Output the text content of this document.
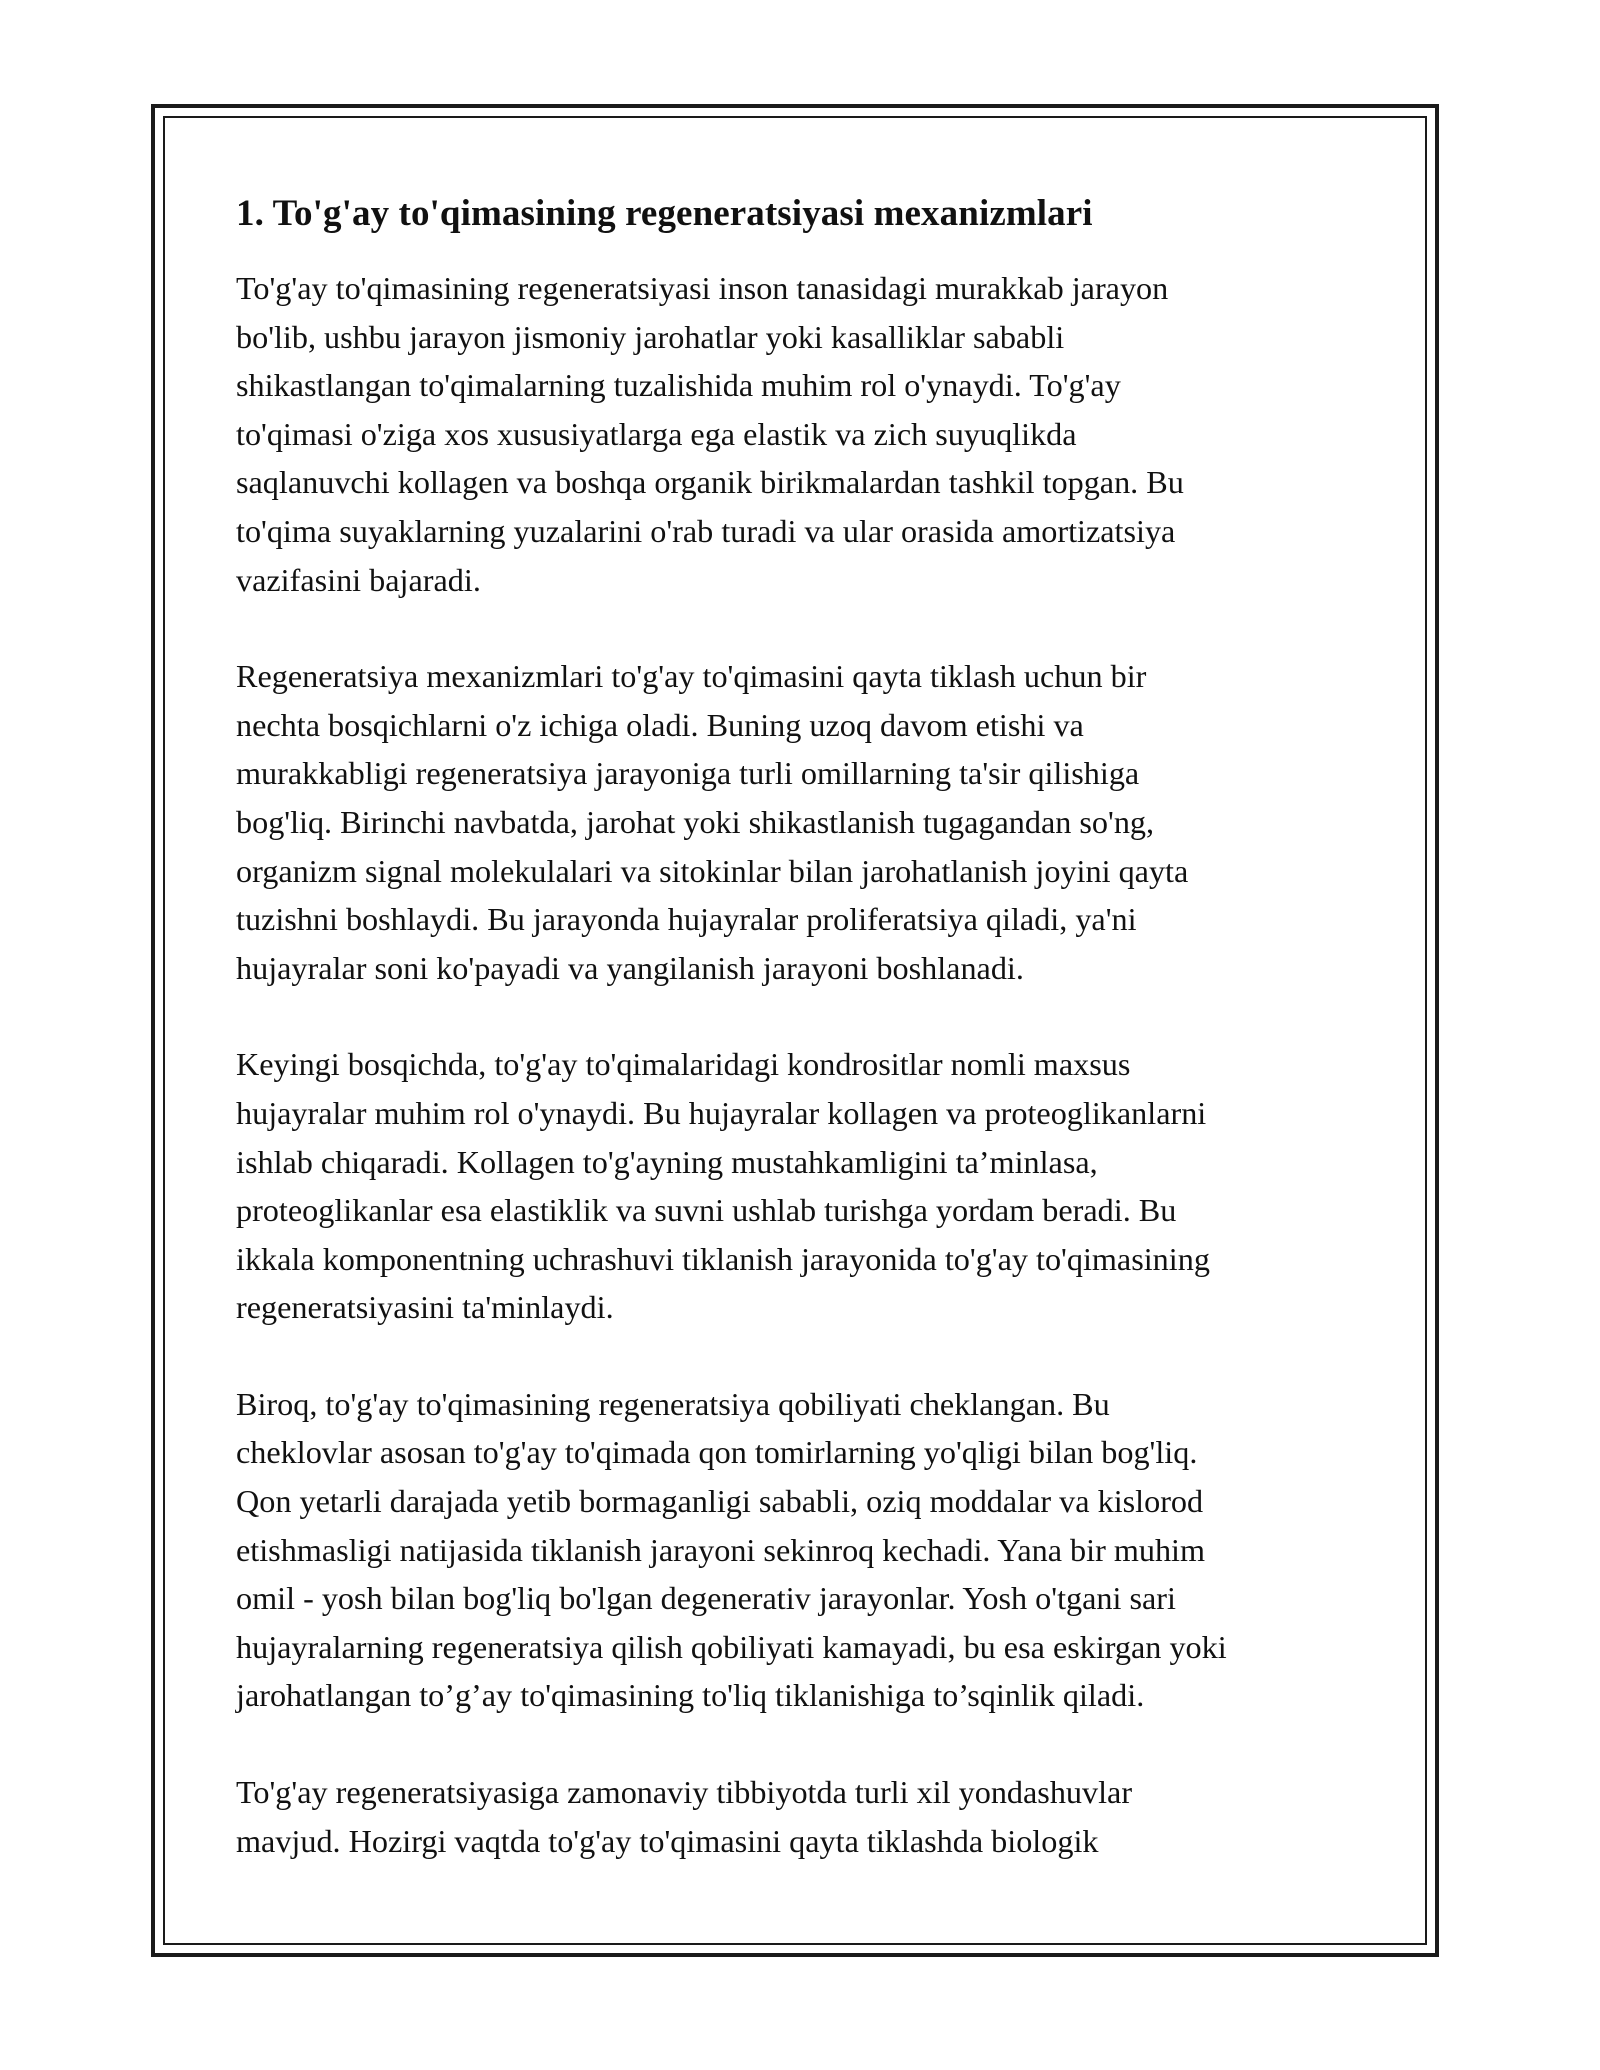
1. To'g'ay to'qimasining regeneratsiyasi mexanizmlari

To'g'ay to'qimasining regeneratsiyasi inson tanasidagi murakkab jarayon
bo'lib, ushbu jarayon jismoniy jarohatlar yoki kasalliklar sababli
shikastlangan to'qimalarning tuzalishida muhim rol o'ynaydi. To'g'ay
to'qimasi o'ziga xos xususiyatlarga ega elastik va zich suyuqlikda
saqlanuvchi kollagen va boshqa organik birikmalardan tashkil topgan. Bu
to'qima suyaklarning yuzalarini o'rab turadi va ular orasida amortizatsiya
vazifasini bajaradi.

Regeneratsiya mexanizmlari to'g'ay to'qimasini qayta tiklash uchun bir
nechta bosqichlarni o'z ichiga oladi. Buning uzoq davom etishi va
murakkabligi regeneratsiya jarayoniga turli omillarning ta'sir qilishiga
bog'liq. Birinchi navbatda, jarohat yoki shikastlanish tugagandan so'ng,
organizm signal molekulalari va sitokinlar bilan jarohatlanish joyini qayta
tuzishni boshlaydi. Bu jarayonda hujayralar proliferatsiya qiladi, ya'ni
hujayralar soni ko'payadi va yangilanish jarayoni boshlanadi.

Keyingi bosqichda, to'g'ay to'qimalaridagi kondrositlar nomli maxsus
hujayralar muhim rol o'ynaydi. Bu hujayralar kollagen va proteoglikanlarni
ishlab chiqaradi. Kollagen to'g'ayning mustahkamligini ta’minlasa,
proteoglikanlar esa elastiklik va suvni ushlab turishga yordam beradi. Bu
ikkala komponentning uchrashuvi tiklanish jarayonida to'g'ay to'qimasining
regeneratsiyasini ta'minlaydi.

Biroq, to'g'ay to'qimasining regeneratsiya qobiliyati cheklangan. Bu
cheklovlar asosan to'g'ay to'qimada qon tomirlarning yo'qligi bilan bog'liq.
Qon yetarli darajada yetib bormaganligi sababli, oziq moddalar va kislorod
etishmasligi natijasida tiklanish jarayoni sekinroq kechadi. Yana bir muhim
omil - yosh bilan bog'liq bo'lgan degenerativ jarayonlar. Yosh o'tgani sari
hujayralarning regeneratsiya qilish qobiliyati kamayadi, bu esa eskirgan yoki
jarohatlangan to’g’ay to'qimasining to'liq tiklanishiga to’sqinlik qiladi.

To'g'ay regeneratsiyasiga zamonaviy tibbiyotda turli xil yondashuvlar
mavjud. Hozirgi vaqtda to'g'ay to'qimasini qayta tiklashda biologik
